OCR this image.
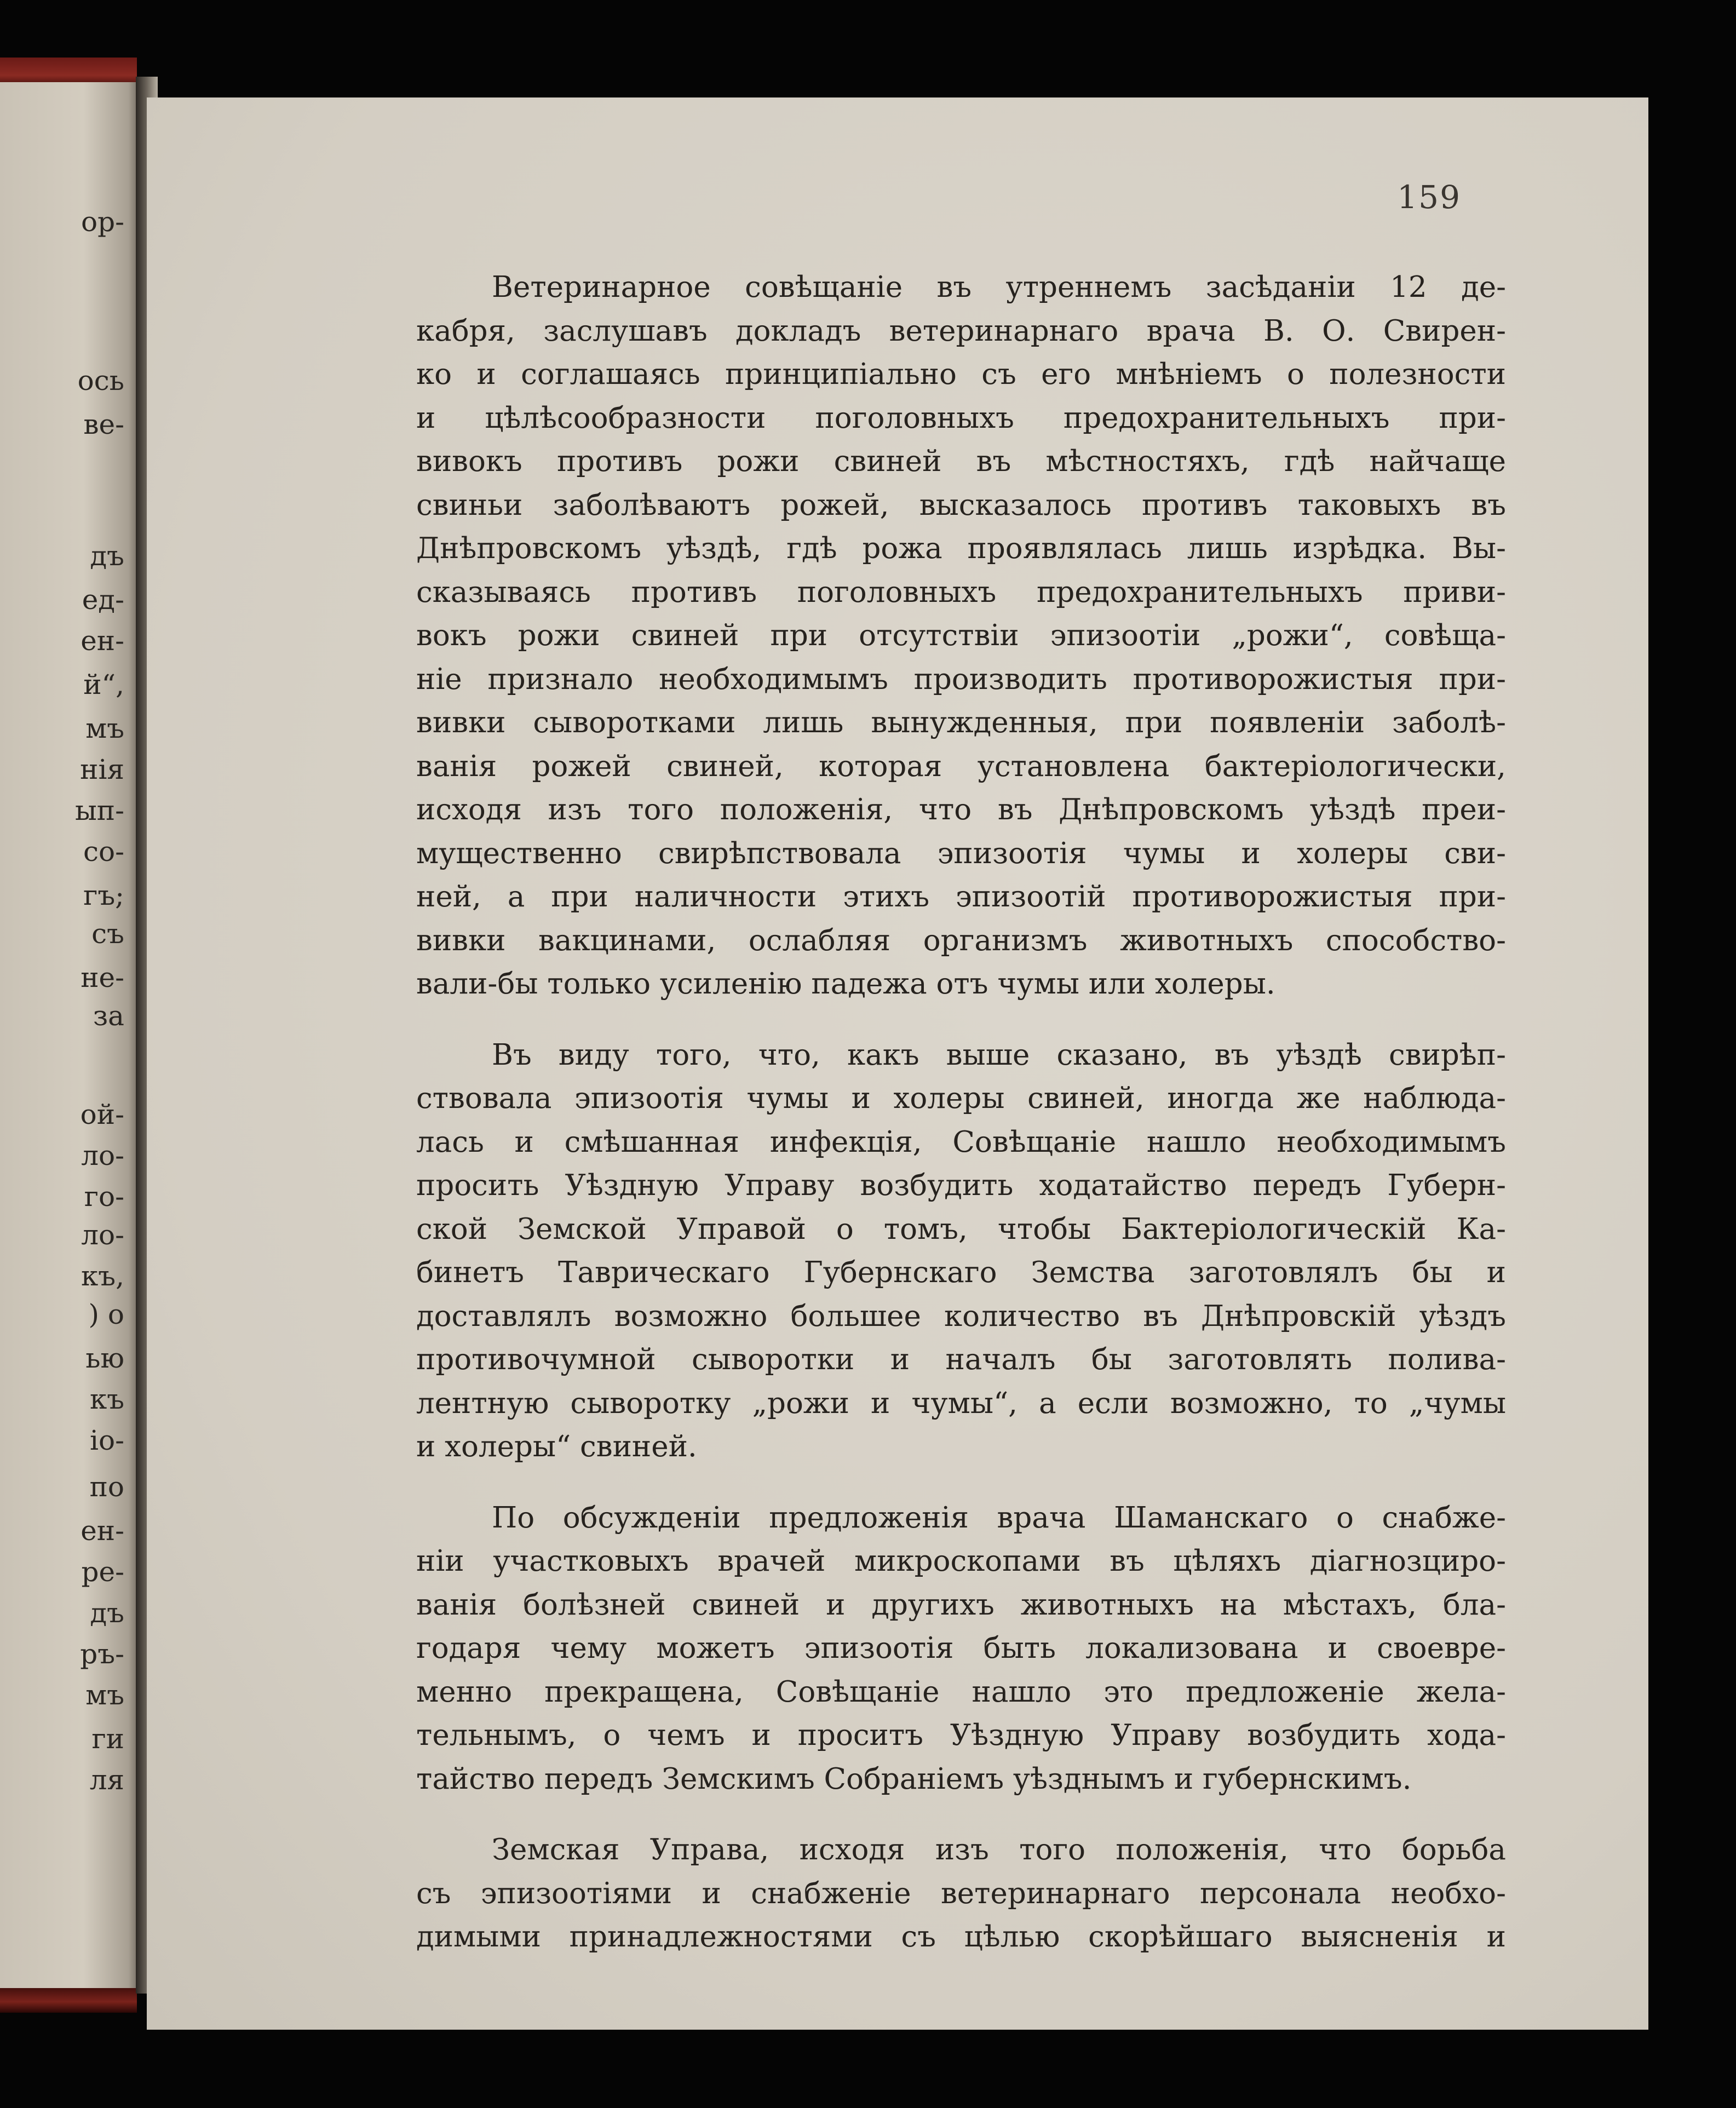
ор-
ось
ве-
дъ
ед-
ен-
й“,
мъ
нія
ып-
со-
гъ;
съ
не-
за
ой-
ло-
го-
ло-
къ,
) о
ью
къ
іо-
по
ен-
ре-
дъ
ръ-
мъ
ги
ля
159
Ветеринарное совѣщаніе въ утреннемъ засѣданіи 12 де-
кабря, заслушавъ докладъ ветеринарнаго врача В. О. Свирен-
ко и соглашаясь принципіально съ его мнѣніемъ о полезности
и цѣлѣсообразности поголовныхъ предохранительныхъ при-
вивокъ противъ рожи свиней въ мѣстностяхъ, гдѣ найчаще
свиньи заболѣваютъ рожей, высказалось противъ таковыхъ въ
Днѣпровскомъ уѣздѣ, гдѣ рожа проявлялась лишь изрѣдка. Вы-
сказываясь противъ поголовныхъ предохранительныхъ приви-
вокъ рожи свиней при отсутствіи эпизоотіи „рожи“, совѣща-
ніе признало необходимымъ производить противорожистыя при-
вивки сыворотками лишь вынужденныя, при появленіи заболѣ-
ванія рожей свиней, которая установлена бактеріологически,
исходя изъ того положенія, что въ Днѣпровскомъ уѣздѣ преи-
мущественно свирѣпствовала эпизоотія чумы и холеры сви-
ней, а при наличности этихъ эпизоотій противорожистыя при-
вивки вакцинами, ослабляя организмъ животныхъ способство-
вали-бы только усиленію падежа отъ чумы или холеры.
Въ виду того, что, какъ выше сказано, въ уѣздѣ свирѣп-
ствовала эпизоотія чумы и холеры свиней, иногда же наблюда-
лась и смѣшанная инфекція, Совѣщаніе нашло необходимымъ
просить Уѣздную Управу возбудить ходатайство передъ Губерн-
ской Земской Управой о томъ, чтобы Бактеріологическій Ка-
бинетъ Таврическаго Губернскаго Земства заготовлялъ бы и
доставлялъ возможно большее количество въ Днѣпровскій уѣздъ
противочумной сыворотки и началъ бы заготовлять полива-
лентную сыворотку „рожи и чумы“, а если возможно, то „чумы
и холеры“ свиней.
По обсужденіи предложенія врача Шаманскаго о снабже-
ніи участковыхъ врачей микроскопами въ цѣляхъ діагнозциро-
ванія болѣзней свиней и другихъ животныхъ на мѣстахъ, бла-
годаря чему можетъ эпизоотія быть локализована и своевре-
менно прекращена, Совѣщаніе нашло это предложеніе жела-
тельнымъ, о чемъ и проситъ Уѣздную Управу возбудить хода-
тайство передъ Земскимъ Собраніемъ уѣзднымъ и губернскимъ.
Земская Управа, исходя изъ того положенія, что борьба
съ эпизоотіями и снабженіе ветеринарнаго персонала необхо-
димыми принадлежностями съ цѣлью скорѣйшаго выясненія и
